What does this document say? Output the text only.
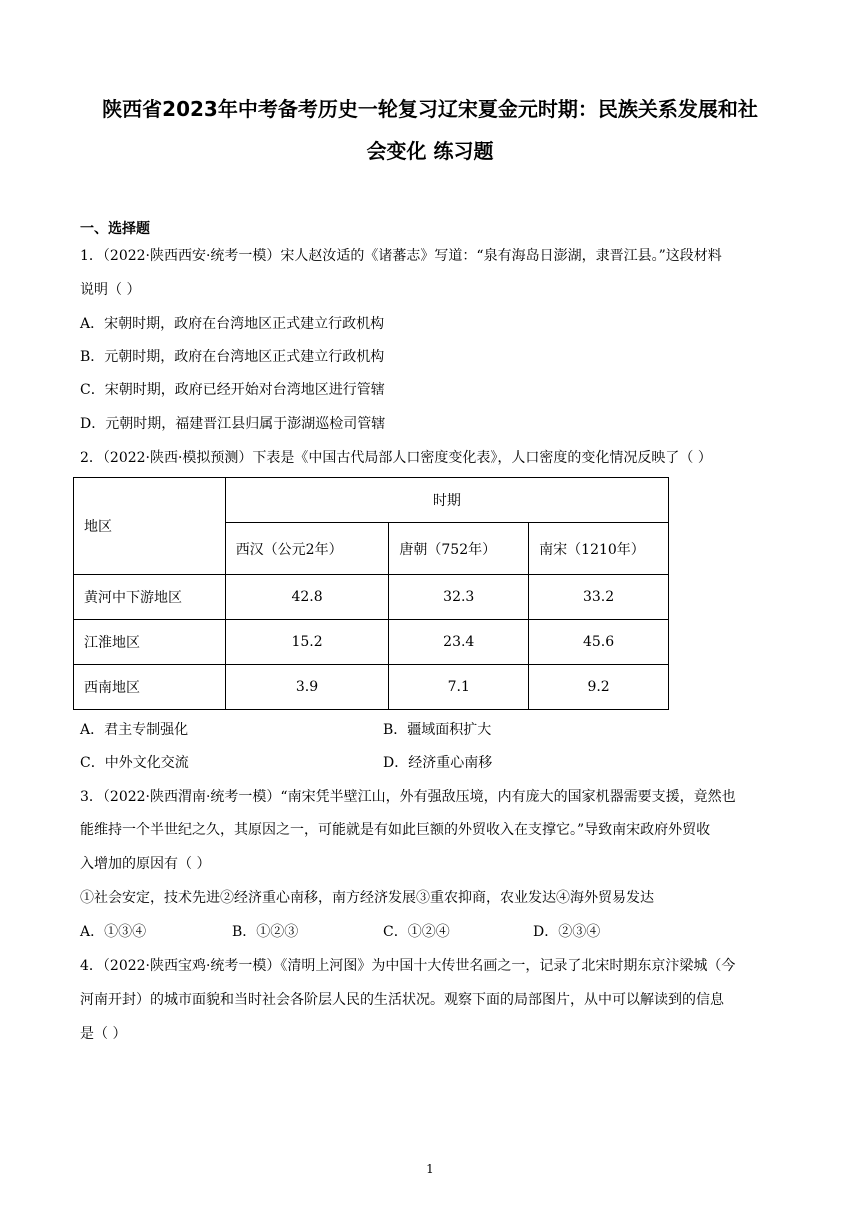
陕西省2023年中考备考历史一轮复习辽宋夏金元时期：民族关系发展和社
会变化 练习题
一、选择题
1．（2022·陕西西安·统考一模）宋人赵汝适的《诸蕃志》写道：“泉有海岛日澎湖，隶晋江县。”这段材料
说明（ ）
A．宋朝时期，政府在台湾地区正式建立行政机构
B．元朝时期，政府在台湾地区正式建立行政机构
C．宋朝时期，政府已经开始对台湾地区进行管辖
D．元朝时期，福建晋江县归属于澎湖巡检司管辖
2．（2022·陕西·模拟预测）下表是《中国古代局部人口密度变化表》，人口密度的变化情况反映了（ ）
地区	时期		
	西汉（公元2年）	唐朝（752年）	南宋（1210年）
黄河中下游地区	42.8	32.3	33.2
江淮地区	15.2	23.4	45.6
西南地区	3.9	7.1	9.2
A．君主专制强化	B．疆域面积扩大
C．中外文化交流	D．经济重心南移
3．（2022·陕西渭南·统考一模）“南宋凭半壁江山，外有强敌压境，内有庞大的国家机器需要支援，竟然也
能维持一个半世纪之久，其原因之一，可能就是有如此巨额的外贸收入在支撑它。”导致南宋政府外贸收
入增加的原因有（ ）
①社会安定，技术先进②经济重心南移，南方经济发展③重农抑商，农业发达④海外贸易发达
A．①③④	B．①②③	C．①②④	D．②③④
4．（2022·陕西宝鸡·统考一模）《清明上河图》为中国十大传世名画之一，记录了北宋时期东京汴梁城（今
河南开封）的城市面貌和当时社会各阶层人民的生活状况。观察下面的局部图片，从中可以解读到的信息
是（ ）
1
